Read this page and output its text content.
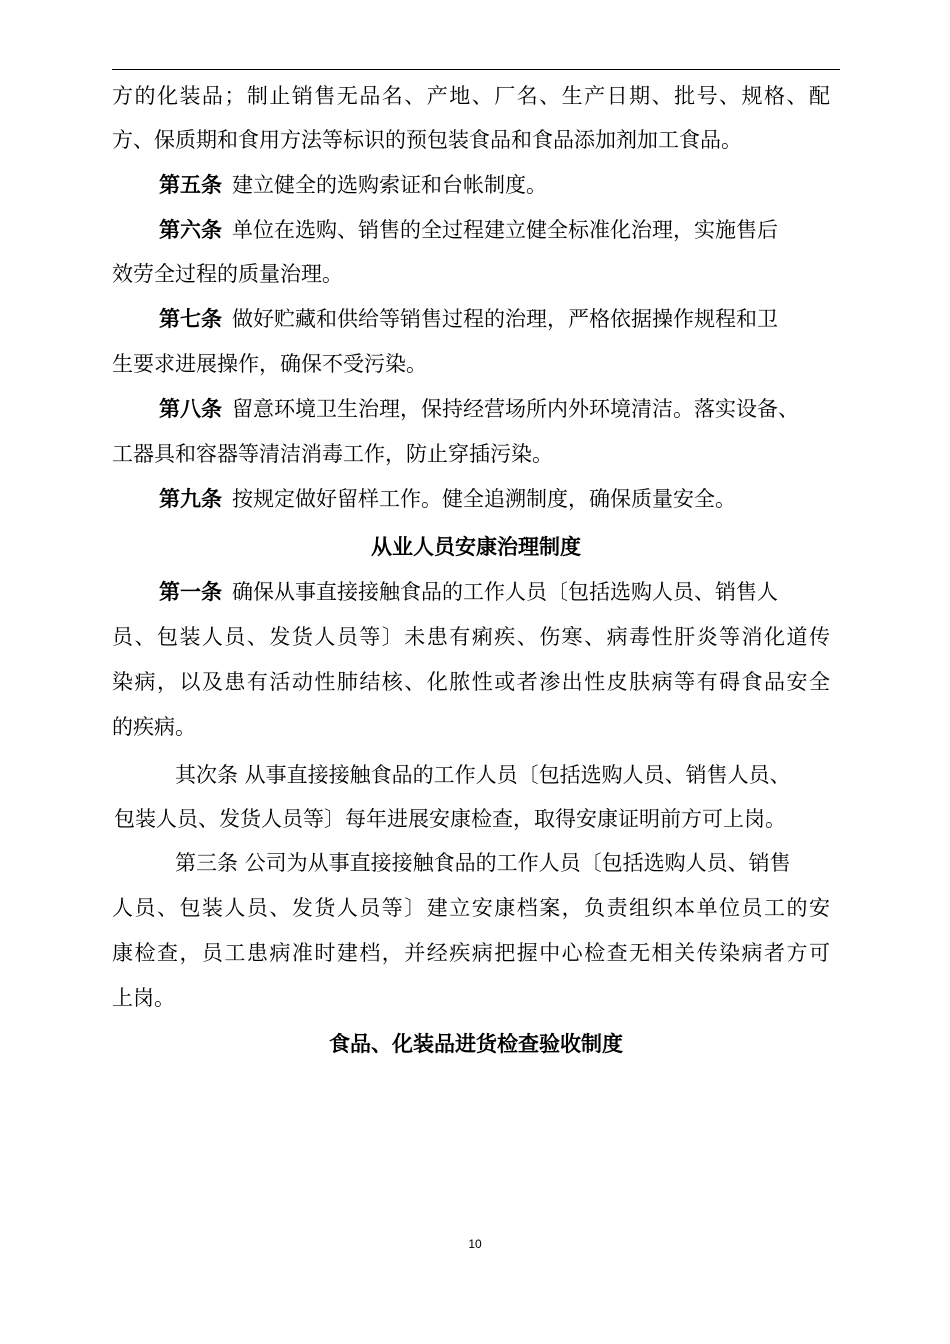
方的化装品；制止销售无品名、产地、厂名、生产日期、批号、规格、配
方、保质期和食用方法等标识的预包装食品和食品添加剂加工食品。
第五条 建立健全的选购索证和台帐制度。
第六条 单位在选购、销售的全过程建立健全标准化治理，实施售后
效劳全过程的质量治理。
第七条 做好贮藏和供给等销售过程的治理，严格依据操作规程和卫
生要求进展操作，确保不受污染。
第八条 留意环境卫生治理，保持经营场所内外环境清洁。落实设备、
工器具和容器等清洁消毒工作，防止穿插污染。
第九条 按规定做好留样工作。健全追溯制度，确保质量安全。
从业人员安康治理制度
第一条 确保从事直接接触食品的工作人员〔包括选购人员、销售人
员、包装人员、发货人员等〕未患有痢疾、伤寒、病毒性肝炎等消化道传
染病，以及患有活动性肺结核、化脓性或者渗出性皮肤病等有碍食品安全
的疾病。
其次条 从事直接接触食品的工作人员〔包括选购人员、销售人员、
包装人员、发货人员等〕每年进展安康检查，取得安康证明前方可上岗。
第三条 公司为从事直接接触食品的工作人员〔包括选购人员、销售
人员、包装人员、发货人员等〕建立安康档案，负责组织本单位员工的安
康检查，员工患病准时建档，并经疾病把握中心检查无相关传染病者方可
上岗。
食品、化装品进货检查验收制度
10
